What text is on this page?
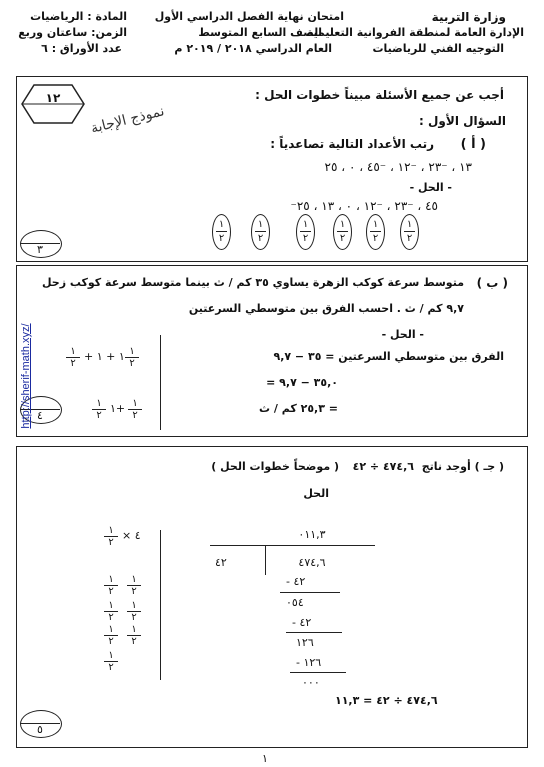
وزارة التربية
الإدارة العامة لمنطقة الفروانية التعليمية
التوجيه الفني للرياضيات
امتحان نهاية الفصل الدراسي الأول
الصف السابع المتوسط
العام الدراسي ٢٠١٨ / ٢٠١٩ م
المادة : الرياضيات
الزمن: ساعتان وربع
عدد الأوراق : ٦
١٢
نموذج الإجابة
أجب عن جميع الأسئلة مبيناً خطوات الحل :
السؤال الأول :
( أ )
رتب الأعداد التالية تصاعدياً :
١٣ ، ⁻٢٣ ، ⁻١٢ ، ⁻٤٥ ، ٠ ، ٢٥
- الحل -
⁻٤٥ ، ⁻٢٣ ، ⁻١٢ ، ٠ ، ١٣ ، ٢٥
١
٢
١
٢
١
٢
١
٢
١
٢
١
٢
٣
( ب )
متوسط سرعة كوكب الزهرة يساوي ٣٥ كم / ث بينما متوسط سرعة كوكب زحل
٩,٧ كم / ث . احسب الفرق بين متوسطي السرعتين
- الحل -
الفرق بين متوسطي السرعتين = ٣٥ − ٩,٧
= ٣٥,٠ − ٩,٧
= ٢٥,٣ كم / ث
١
٢
١ + ١ + ١
٢
١
٢
+١ ١
٢
٤
( جـ ) أوجد ناتج
٤٧٤,٦ ÷ ٤٢
( موضحاً خطوات الحل )
الحل
٠١١,٣
٤٢	٤٧٤,٦
٤٢ -
٠٥٤
٤٢ -
١٢٦
١٢٦ -
٠٠٠
١
٢
٤ ×
١
٢
١
٢
١
٢
١
٢
١
٢
١
٢
١
٢
٤٧٤,٦ ÷ ٤٢ = ١١,٣
٥
١
http://sherif-math.xyz/
